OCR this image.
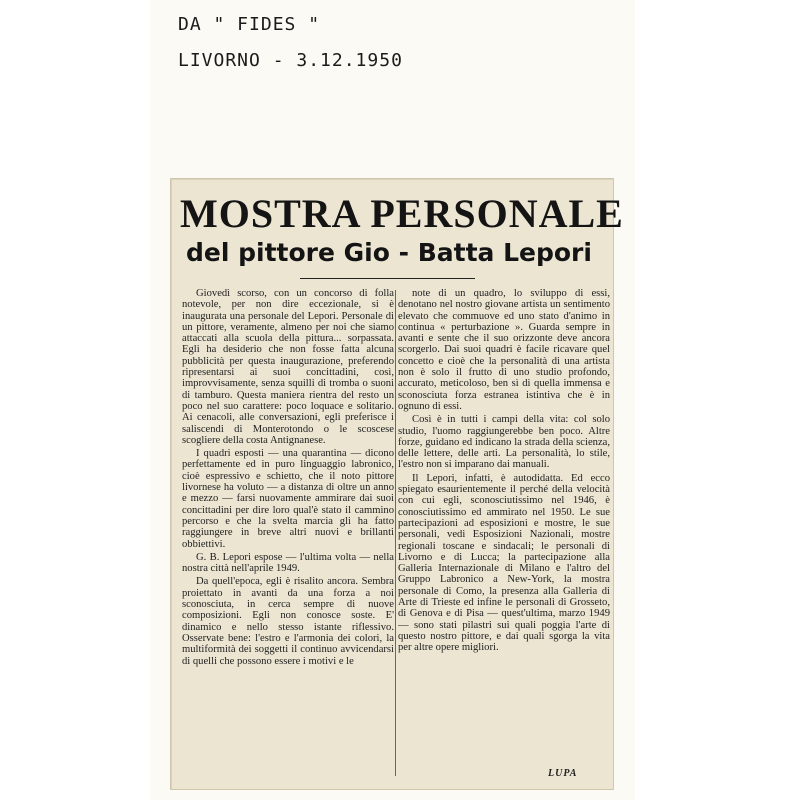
DA " FIDES "
LIVORNO - 3.12.1950
MOSTRA PERSONALE
del pittore Gio - Batta Lepori

Giovedì scorso, con un concorso di folla notevole, per non dire eccezionale, si è inaugurata una personale del Lepori. Personale di un pittore, veramente, almeno per noi che siamo attaccati alla scuola della pittura... sorpassata. Egli ha desiderio che non fosse fatta alcuna pubblicità per questa inaugurazione, preferendo ripresentarsi ai suoi concittadini, così, improvvisamente, senza squilli di tromba o suoni di tamburo. Questa maniera rientra del resto un poco nel suo carattere: poco loquace e solitario. Ai cenacoli, alle conversazioni, egli preferisce i saliscendi di Monterotondo o le scoscese scogliere della costa Antignanese.

I quadri esposti — una quarantina — dicono perfettamente ed in puro linguaggio labronico, cioè espressivo e schietto, che il noto pittore livornese ha voluto — a distanza di oltre un anno e mezzo — farsi nuovamente ammirare dai suoi concittadini per dire loro qual'è stato il cammino percorso e che la svelta marcia gli ha fatto raggiungere in breve altri nuovi e brillanti obbiettivi.

G. B. Lepori espose — l'ultima volta — nella nostra città nell'aprile 1949.

Da quell'epoca, egli è risalito ancora. Sembra proiettato in avanti da una forza a noi sconosciuta, in cerca sempre di nuove composizioni. Egli non conosce soste. E' dinamico e nello stesso istante riflessivo. Osservate bene: l'estro e l'armonia dei colori, la multiformità dei soggetti il continuo avvicendarsi di quelli che possono essere i motivi e le

note di un quadro, lo sviluppo di essi, denotano nel nostro giovane artista un sentimento elevato che commuove ed uno stato d'animo in continua « perturbazione ». Guarda sempre in avanti e sente che il suo orizzonte deve ancora scorgerlo. Dai suoi quadri è facile ricavare quel concetto e cioè che la personalità di una artista non è solo il frutto di uno studio profondo, accurato, meticoloso, ben sì di quella immensa e sconosciuta forza estranea istintiva che è in ognuno di essi.

Così è in tutti i campi della vita: col solo studio, l'uomo raggiungerebbe ben poco. Altre forze, guidano ed indicano la strada della scienza, delle lettere, delle arti. La personalità, lo stile, l'estro non si imparano dai manuali.

Il Lepori, infatti, è autodidatta. Ed ecco spiegato esaurientemente il perché della velocità con cui egli, sconosciutissimo nel 1946, è conosciutissimo ed ammirato nel 1950. Le sue partecipazioni ad esposizioni e mostre, le sue personali, vedi Esposizioni Nazionali, mostre regionali toscane e sindacali; le personali di Livorno e di Lucca; la partecipazione alla Galleria Internazionale di Milano e l'altro del Gruppo Labronico a New-York, la mostra personale di Como, la presenza alla Galleria di Arte di Trieste ed infine le personali di Grosseto, di Genova e di Pisa — quest'ultima, marzo 1949 — sono stati pilastri sui quali poggia l'arte di questo nostro pittore, e dai quali sgorga la vita per altre opere migliori.

LUPA
